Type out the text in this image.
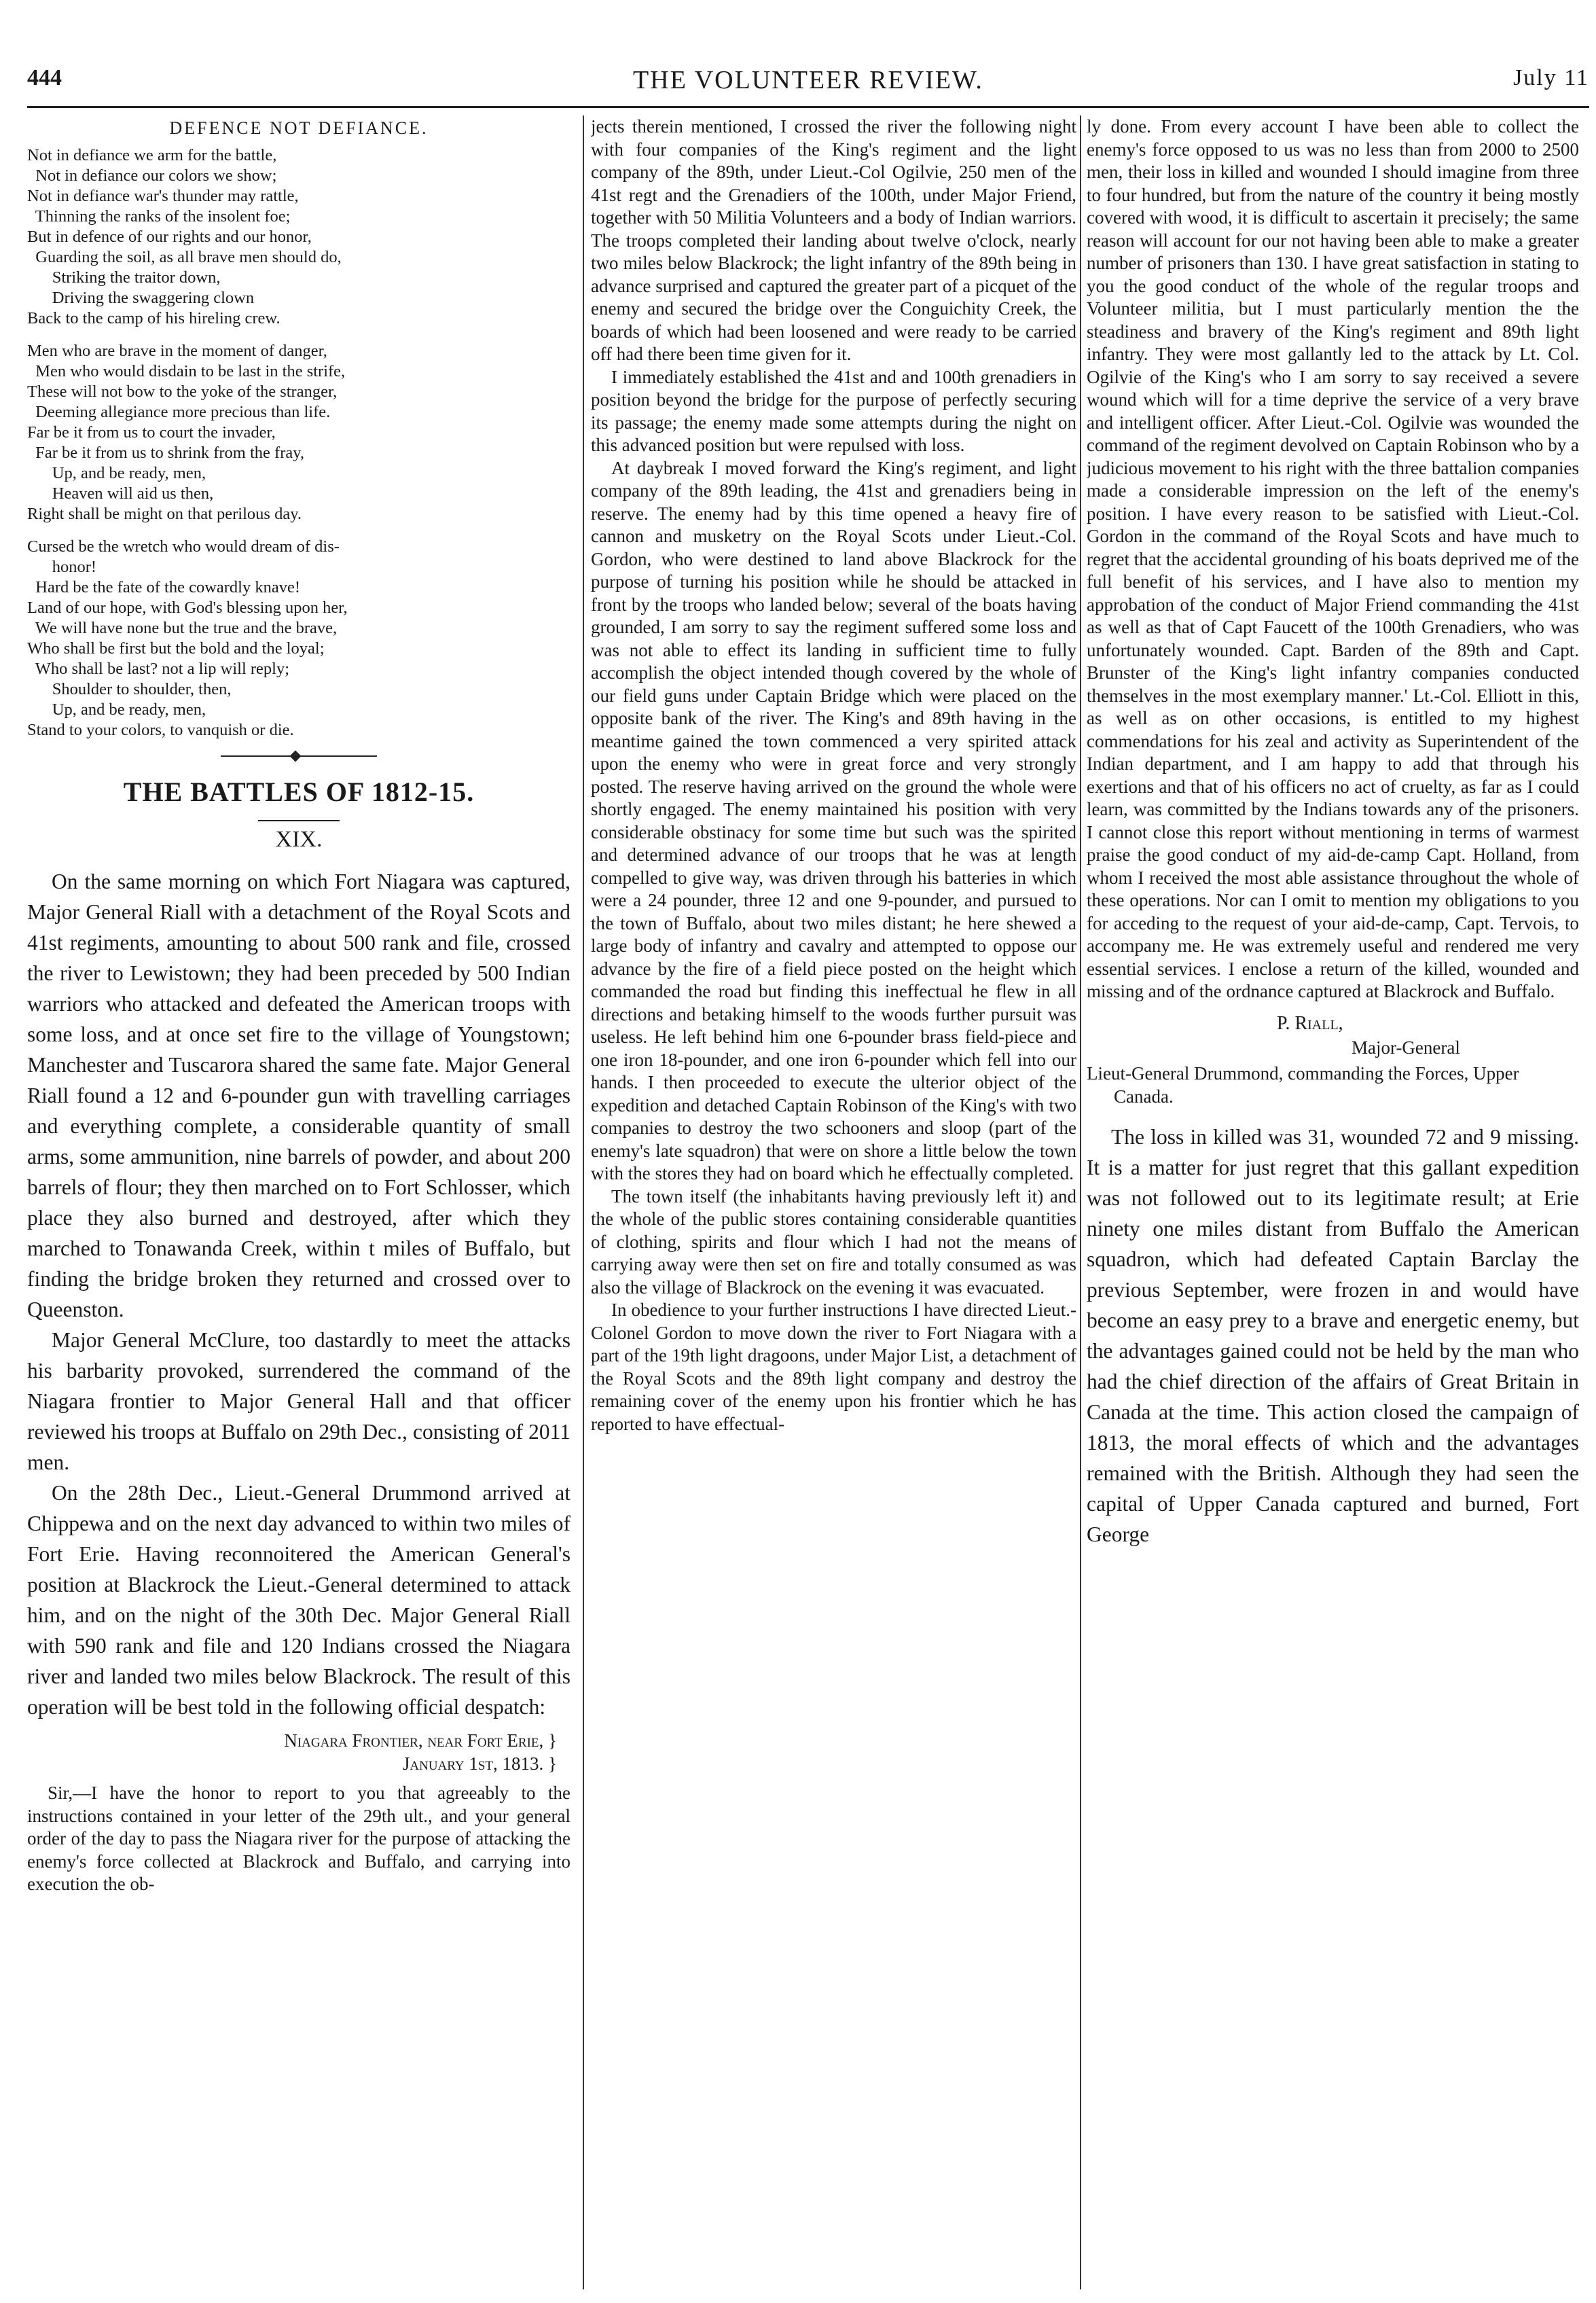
444	THE VOLUNTEER REVIEW.	July 11
DEFENCE NOT DEFIANCE.
Not in defiance we arm for the battle,
Not in defiance our colors we show;
Not in defiance war's thunder may rattle,
Thinning the ranks of the insolent foe;
But in defence of our rights and our honor,
Guarding the soil, as all brave men should do,
Striking the traitor down,
Driving the swaggering clown
Back to the camp of his hireling crew.
Men who are brave in the moment of danger,
Men who would disdain to be last in the strife,
These will not bow to the yoke of the stranger,
Deeming allegiance more precious than life.
Far be it from us to court the invader,
Far be it from us to shrink from the fray,
Up, and be ready, men,
Heaven will aid us then,
Right shall be might on that perilous day.
Cursed be the wretch who would dream of dis-
honor!
Hard be the fate of the cowardly knave!
Land of our hope, with God's blessing upon her,
We will have none but the true and the brave,
Who shall be first but the bold and the loyal;
Who shall be last? not a lip will reply;
Shoulder to shoulder, then,
Up, and be ready, men,
Stand to your colors, to vanquish or die.
THE BATTLES OF 1812-15.
XIX.

On the same morning on which Fort Niagara was captured, Major General Riall with a detachment of the Royal Scots and 41st regiments, amounting to about 500 rank and file, crossed the river to Lewistown; they had been preceded by 500 Indian warriors who attacked and defeated the American troops with some loss, and at once set fire to the village of Youngstown; Manchester and Tuscarora shared the same fate. Major General Riall found a 12 and 6-pounder gun with travelling carriages and everything complete, a considerable quantity of small arms, some ammunition, nine barrels of powder, and about 200 barrels of flour; they then marched on to Fort Schlosser, which place they also burned and destroyed, after which they marched to Tonawanda Creek, within t miles of Buffalo, but finding the bridge broken they returned and crossed over to Queenston.

Major General McClure, too dastardly to meet the attacks his barbarity provoked, surrendered the command of the Niagara frontier to Major General Hall and that officer reviewed his troops at Buffalo on 29th Dec., consisting of 2011 men.

On the 28th Dec., Lieut.-General Drummond arrived at Chippewa and on the next day advanced to within two miles of Fort Erie. Having reconnoitered the American General's position at Blackrock the Lieut.-General determined to attack him, and on the night of the 30th Dec. Major General Riall with 590 rank and file and 120 Indians crossed the Niagara river and landed two miles below Blackrock. The result of this operation will be best told in the following official despatch:

Niagara Frontier, near Fort Erie, }
January 1st, 1813. }

Sir,—I have the honor to report to you that agreeably to the instructions contained in your letter of the 29th ult., and your general order of the day to pass the Niagara river for the purpose of attacking the enemy's force collected at Blackrock and Buffalo, and carrying into execution the ob-

jects therein mentioned, I crossed the river the following night with four companies of the King's regiment and the light company of the 89th, under Lieut.-Col Ogilvie, 250 men of the 41st regt and the Grenadiers of the 100th, under Major Friend, together with 50 Militia Volunteers and a body of Indian warriors. The troops completed their landing about twelve o'clock, nearly two miles below Blackrock; the light infantry of the 89th being in advance surprised and captured the greater part of a picquet of the enemy and secured the bridge over the Conguichity Creek, the boards of which had been loosened and were ready to be carried off had there been time given for it.

I immediately established the 41st and and 100th grenadiers in position beyond the bridge for the purpose of perfectly securing its passage; the enemy made some attempts during the night on this advanced position but were repulsed with loss.

At daybreak I moved forward the King's regiment, and light company of the 89th leading, the 41st and grenadiers being in reserve. The enemy had by this time opened a heavy fire of cannon and musketry on the Royal Scots under Lieut.-Col. Gordon, who were destined to land above Blackrock for the purpose of turning his position while he should be attacked in front by the troops who landed below; several of the boats having grounded, I am sorry to say the regiment suffered some loss and was not able to effect its landing in sufficient time to fully accomplish the object intended though covered by the whole of our field guns under Captain Bridge which were placed on the opposite bank of the river. The King's and 89th having in the meantime gained the town commenced a very spirited attack upon the enemy who were in great force and very strongly posted. The reserve having arrived on the ground the whole were shortly engaged. The enemy maintained his position with very considerable obstinacy for some time but such was the spirited and determined advance of our troops that he was at length compelled to give way, was driven through his batteries in which were a 24 pounder, three 12 and one 9-pounder, and pursued to the town of Buffalo, about two miles distant; he here shewed a large body of infantry and cavalry and attempted to oppose our advance by the fire of a field piece posted on the height which commanded the road but finding this ineffectual he flew in all directions and betaking himself to the woods further pursuit was useless. He left behind him one 6-pounder brass field-piece and one iron 18-pounder, and one iron 6-pounder which fell into our hands. I then proceeded to execute the ulterior object of the expedition and detached Captain Robinson of the King's with two companies to destroy the two schooners and sloop (part of the enemy's late squadron) that were on shore a little below the town with the stores they had on board which he effectually completed.

The town itself (the inhabitants having previously left it) and the whole of the public stores containing considerable quantities of clothing, spirits and flour which I had not the means of carrying away were then set on fire and totally consumed as was also the village of Blackrock on the evening it was evacuated.

In obedience to your further instructions I have directed Lieut.-Colonel Gordon to move down the river to Fort Niagara with a part of the 19th light dragoons, under Major List, a detachment of the Royal Scots and the 89th light company and destroy the remaining cover of the enemy upon his frontier which he has reported to have effectual-

ly done. From every account I have been able to collect the enemy's force opposed to us was no less than from 2000 to 2500 men, their loss in killed and wounded I should imagine from three to four hundred, but from the nature of the country it being mostly covered with wood, it is difficult to ascertain it precisely; the same reason will account for our not having been able to make a greater number of prisoners than 130. I have great satisfaction in stating to you the good conduct of the whole of the regular troops and Volunteer militia, but I must particularly mention the the steadiness and bravery of the King's regiment and 89th light infantry. They were most gallantly led to the attack by Lt. Col. Ogilvie of the King's who I am sorry to say received a severe wound which will for a time deprive the service of a very brave and intelligent officer. After Lieut.-Col. Ogilvie was wounded the command of the regiment devolved on Captain Robinson who by a judicious movement to his right with the three battalion companies made a considerable impression on the left of the enemy's position. I have every reason to be satisfied with Lieut.-Col. Gordon in the command of the Royal Scots and have much to regret that the accidental grounding of his boats deprived me of the full benefit of his services, and I have also to mention my approbation of the conduct of Major Friend commanding the 41st as well as that of Capt Faucett of the 100th Grenadiers, who was unfortunately wounded. Capt. Barden of the 89th and Capt. Brunster of the King's light infantry companies conducted themselves in the most exemplary manner.' Lt.-Col. Elliott in this, as well as on other occasions, is entitled to my highest commendations for his zeal and activity as Superintendent of the Indian department, and I am happy to add that through his exertions and that of his officers no act of cruelty, as far as I could learn, was committed by the Indians towards any of the prisoners. I cannot close this report without mentioning in terms of warmest praise the good conduct of my aid-de-camp Capt. Holland, from whom I received the most able assistance throughout the whole of these operations. Nor can I omit to mention my obligations to you for acceding to the request of your aid-de-camp, Capt. Tervois, to accompany me. He was extremely useful and rendered me very essential services. I enclose a return of the killed, wounded and missing and of the ordnance captured at Blackrock and Buffalo.

P. Riall,
Major-General
Lieut-General Drummond, commanding the Forces, Upper Canada.

The loss in killed was 31, wounded 72 and 9 missing. It is a matter for just regret that this gallant expedition was not followed out to its legitimate result; at Erie ninety one miles distant from Buffalo the American squadron, which had defeated Captain Barclay the previous September, were frozen in and would have become an easy prey to a brave and energetic enemy, but the advantages gained could not be held by the man who had the chief direction of the affairs of Great Britain in Canada at the time. This action closed the campaign of 1813, the moral effects of which and the advantages remained with the British. Although they had seen the capital of Upper Canada captured and burned, Fort George
